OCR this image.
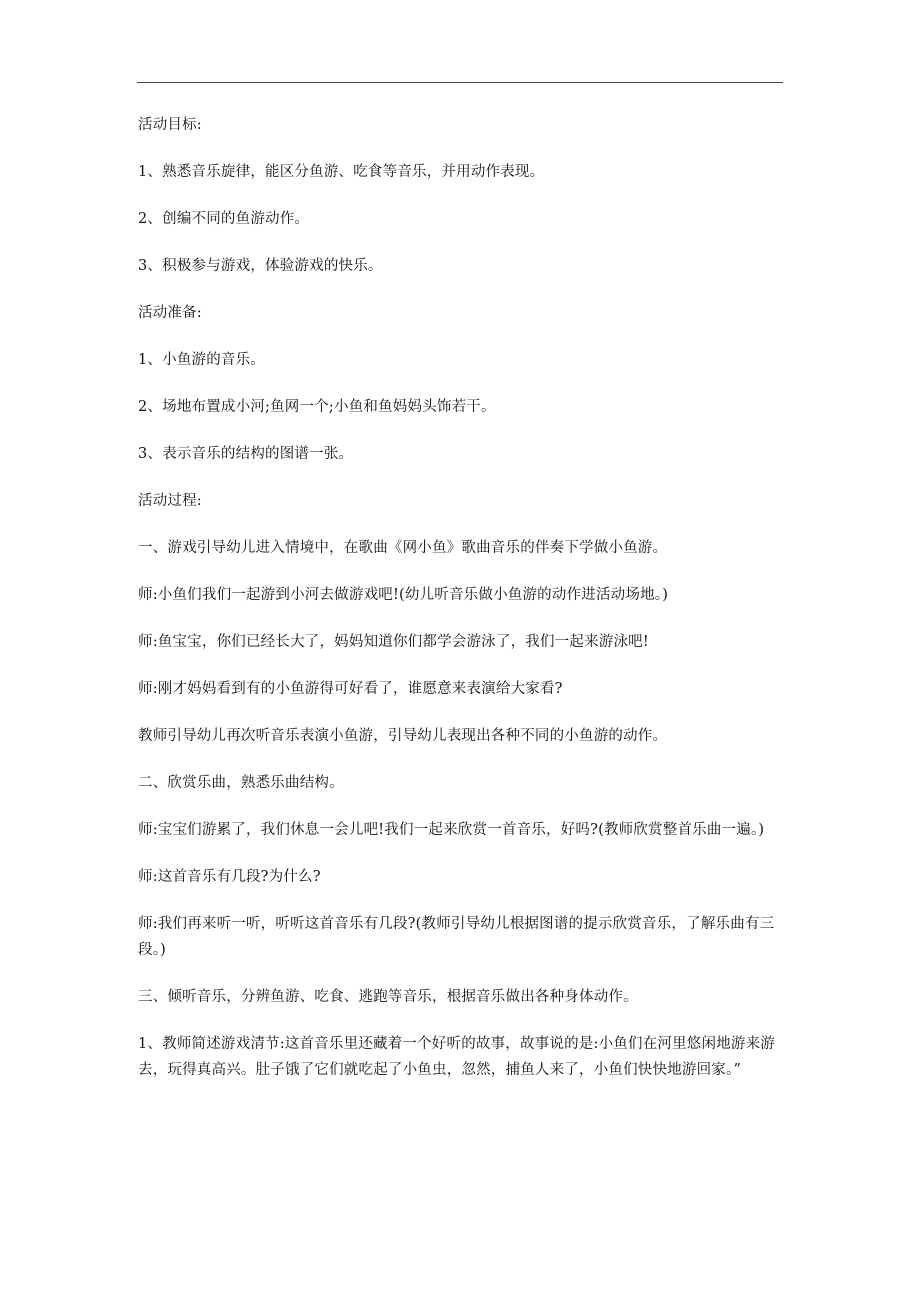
活动目标:

1、熟悉音乐旋律，能区分鱼游、吃食等音乐，并用动作表现。

2、创编不同的鱼游动作。

3、积极参与游戏，体验游戏的快乐。

活动准备:

1、小鱼游的音乐。

2、场地布置成小河;鱼网一个;小鱼和鱼妈妈头饰若干。

3、表示音乐的结构的图谱一张。

活动过程:

一、游戏引导幼儿进入情境中，在歌曲《网小鱼》歌曲音乐的伴奏下学做小鱼游。

师:小鱼们我们一起游到小河去做游戏吧!(幼儿听音乐做小鱼游的动作进活动场地。)

师:鱼宝宝，你们已经长大了，妈妈知道你们都学会游泳了，我们一起来游泳吧!

师:刚才妈妈看到有的小鱼游得可好看了，谁愿意来表演给大家看?

教师引导幼儿再次听音乐表演小鱼游，引导幼儿表现出各种不同的小鱼游的动作。

二、欣赏乐曲，熟悉乐曲结构。

师:宝宝们游累了，我们休息一会儿吧!我们一起来欣赏一首音乐，好吗?(教师欣赏整首乐曲一遍。)

师:这首音乐有几段?为什么?

师:我们再来听一听，听听这首音乐有几段?(教师引导幼儿根据图谱的提示欣赏音乐，了解乐曲有三段。)

三、倾听音乐，分辨鱼游、吃食、逃跑等音乐，根据音乐做出各种身体动作。

1、教师简述游戏清节:这首音乐里还藏着一个好听的故事，故事说的是:小鱼们在河里悠闲地游来游去，玩得真高兴。肚子饿了它们就吃起了小鱼虫，忽然，捕鱼人来了，小鱼们快快地游回家。”
